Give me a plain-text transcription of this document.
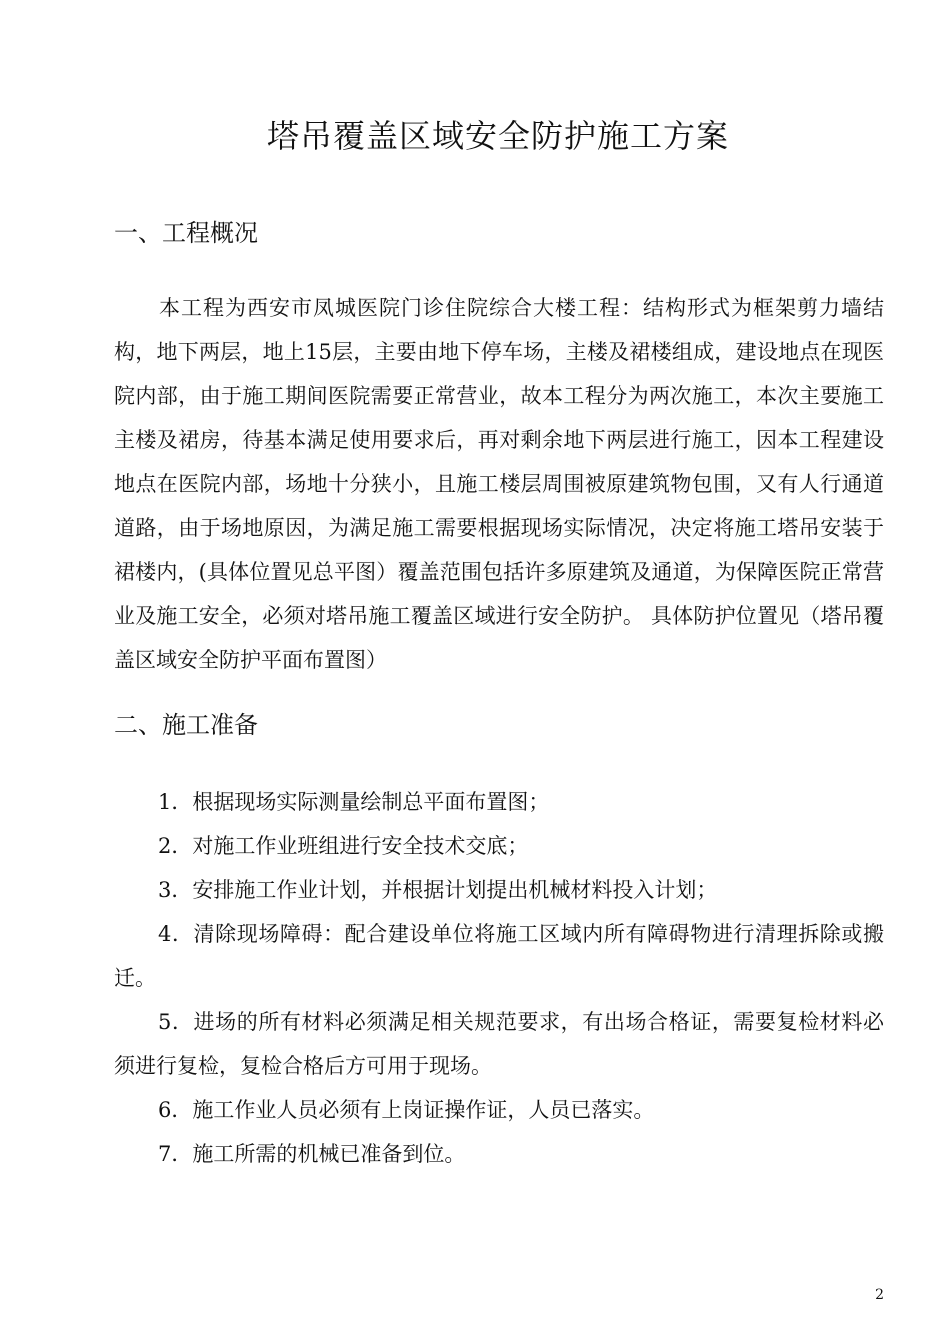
塔吊覆盖区域安全防护施工方案
一、工程概况

本工程为西安市凤城医院门诊住院综合大楼工程：结构形式为框架剪力墙结构，地下两层，地上15层，主要由地下停车场，主楼及裙楼组成，建设地点在现医院内部，由于施工期间医院需要正常营业，故本工程分为两次施工，本次主要施工主楼及裙房，待基本满足使用要求后，再对剩余地下两层进行施工，因本工程建设地点在医院内部，场地十分狭小，且施工楼层周围被原建筑物包围，又有人行通道道路，由于场地原因，为满足施工需要根据现场实际情况，决定将施工塔吊安装于裙楼内，(具体位置见总平图）覆盖范围包括许多原建筑及通道，为保障医院正常营业及施工安全，必须对塔吊施工覆盖区域进行安全防护。 具体防护位置见（塔吊覆盖区域安全防护平面布置图）

二、施工准备
1．根据现场实际测量绘制总平面布置图；
2．对施工作业班组进行安全技术交底；
3．安排施工作业计划，并根据计划提出机械材料投入计划；
4．清除现场障碍：配合建设单位将施工区域内所有障碍物进行清理拆除或搬迁。
5．进场的所有材料必须满足相关规范要求，有出场合格证，需要复检材料必须进行复检，复检合格后方可用于现场。
6．施工作业人员必须有上岗证操作证，人员已落实。
7．施工所需的机械已准备到位。
2
